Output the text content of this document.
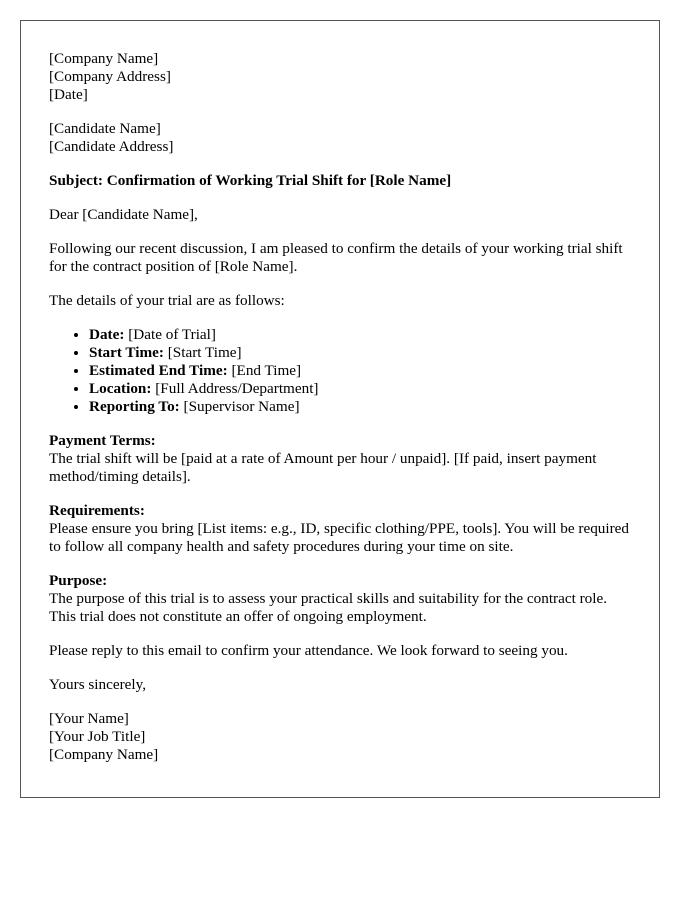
[Company Name]
[Company Address]
[Date]

[Candidate Name]
[Candidate Address]

Subject: Confirmation of Working Trial Shift for [Role Name]

Dear [Candidate Name],

Following our recent discussion, I am pleased to confirm the details of your working trial shift for the contract position of [Role Name].

The details of your trial are as follows:

• Date: [Date of Trial]
• Start Time: [Start Time]
• Estimated End Time: [End Time]
• Location: [Full Address/Department]
• Reporting To: [Supervisor Name]

Payment Terms:
The trial shift will be [paid at a rate of Amount per hour / unpaid]. [If paid, insert payment method/timing details].

Requirements:
Please ensure you bring [List items: e.g., ID, specific clothing/PPE, tools]. You will be required to follow all company health and safety procedures during your time on site.

Purpose:
The purpose of this trial is to assess your practical skills and suitability for the contract role. This trial does not constitute an offer of ongoing employment.

Please reply to this email to confirm your attendance. We look forward to seeing you.

Yours sincerely,

[Your Name]
[Your Job Title]
[Company Name]
